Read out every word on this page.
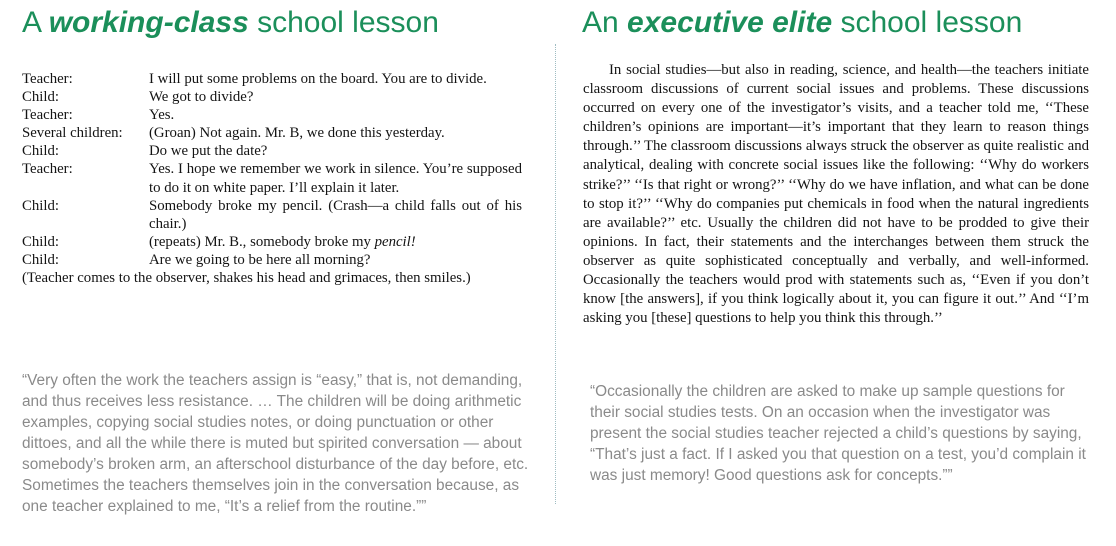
A working-class school lesson
Teacher:	I will put some problems on the board. You are to divide.
Child:	We got to divide?
Teacher:	Yes.
Several children:	(Groan) Not again. Mr. B, we done this yesterday.
Child:	Do we put the date?
Teacher:	Yes. I hope we remember we work in silence. You’re supposed to do it on white paper. I’ll explain it later.
Child:	Somebody broke my pencil. (Crash—a child falls out of his chair.)
Child:	(repeats) Mr. B., somebody broke my pencil!
Child:	Are we going to be here all morning?
(Teacher comes to the observer, shakes his head and grimaces, then smiles.)

“Very often the work the teachers assign is “easy,” that is, not demanding, and thus receives less resistance. … The children will be doing arithmetic examples, copying social studies notes, or doing punctuation or other dittoes, and all the while there is muted but spirited conversation — about somebody’s broken arm, an afterschool disturbance of the day before, etc. Sometimes the teachers themselves join in the conversation because, as one teacher explained to me, “It’s a relief from the routine.””

An executive elite school lesson

In social studies—but also in reading, science, and health—the teachers initiate classroom discussions of current social issues and problems. These discussions occurred on every one of the investigator’s visits, and a teacher told me, ‘‘These children’s opinions are important—it’s important that they learn to reason things through.’’ The classroom discussions always struck the observer as quite realistic and analytical, dealing with concrete social issues like the following: ‘‘Why do workers strike?’’ ‘‘Is that right or wrong?’’ ‘‘Why do we have inflation, and what can be done to stop it?’’ ‘‘Why do companies put chemicals in food when the natural ingredients are available?’’ etc. Usually the children did not have to be prodded to give their opinions. In fact, their statements and the interchanges between them struck the observer as quite sophisticated conceptually and verbally, and well-informed. Occasionally the teachers would prod with statements such as, ‘‘Even if you don’t know [the answers], if you think logically about it, you can figure it out.’’ And ‘‘I’m asking you [these] questions to help you think this through.’’

“Occasionally the children are asked to make up sample questions for their social studies tests. On an occasion when the investigator was present the social studies teacher rejected a child’s questions by saying, “That’s just a fact. If I asked you that question on a test, you’d complain it was just memory! Good questions ask for concepts.””
